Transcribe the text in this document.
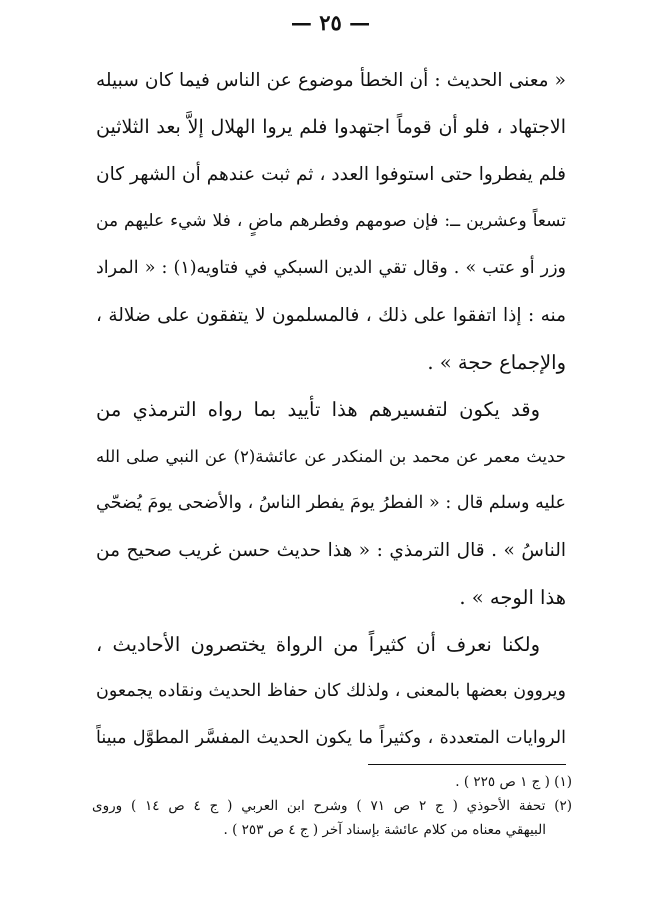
— ٢٥ —
« معنى الحديث : أن الخطأ موضوع عن الناس فيما كان سبيله
الاجتهاد ، فلو أن قوماً اجتهدوا فلم يروا الهلال إلاَّ بعد الثلاثين
فلم يفطروا حتى استوفوا العدد ، ثم ثبت عندهم أن الشهر كان
تسعاً وعشرين ــ: فإن صومهم وفطرهم ماضٍ ، فلا شيء عليهم من
وزر أو عتب » . وقال تقي الدين السبكي في فتاويه(١) : « المراد
منه : إذا اتفقوا على ذلك ، فالمسلمون لا يتفقون على ضلالة ،
والإجماع حجة » .
وقد يكون لتفسيرهم هذا تأييد بما رواه الترمذي من
حديث معمر عن محمد بن المنكدر عن عائشة(٢) عن النبي صلى الله
عليه وسلم قال : « الفطرُ يومَ يفطر الناسُ ، والأضحى يومَ يُضحّي
الناسُ » . قال الترمذي : « هذا حديث حسن غريب صحيح من
هذا الوجه » .
ولكنا نعرف أن كثيراً من الرواة يختصرون الأحاديث ،
ويروون بعضها بالمعنى ، ولذلك كان حفاظ الحديث ونقاده يجمعون
الروايات المتعددة ، وكثيراً ما يكون الحديث المفسَّر المطوَّل مبيناً
(١) ( ج ١ ص ٢٢٥ ) .
(٢) تحفة الأحوذي ( ج ٢ ص ٧١ ) وشرح ابن العربي ( ج ٤ ص ١٤ ) وروى
البيهقي معناه من كلام عائشة بإسناد آخر ( ج ٤ ص ٢٥٣ ) .
